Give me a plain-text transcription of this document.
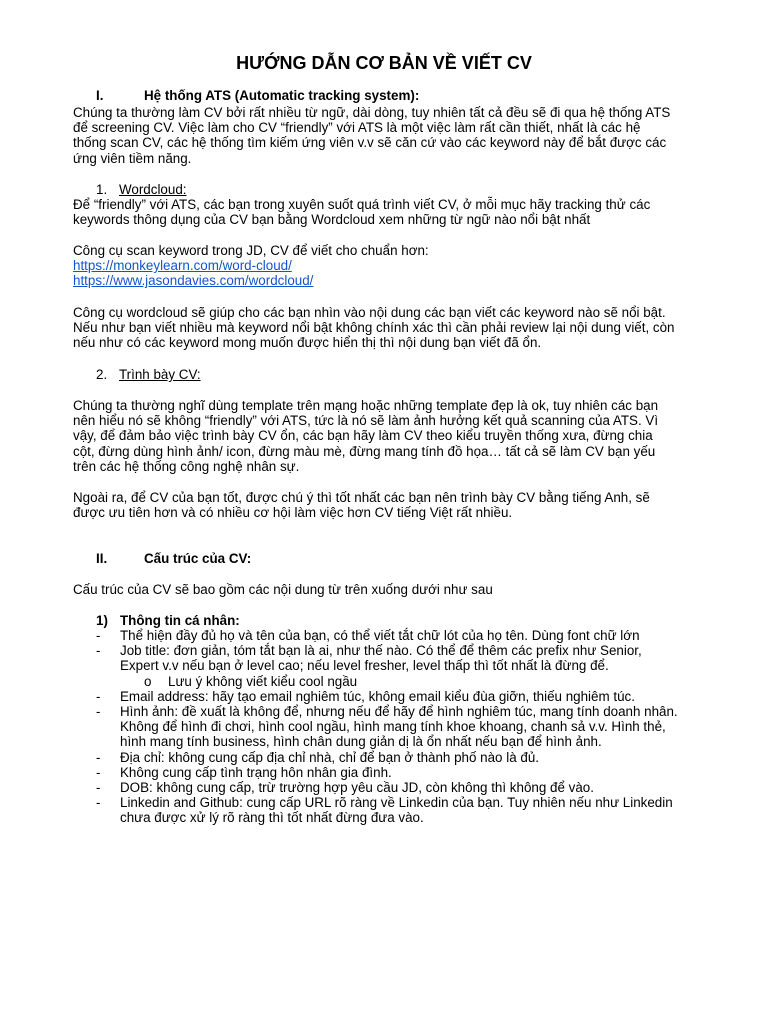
HƯỚNG DẪN CƠ BẢN VỀ VIẾT CV
I.	Hệ thống ATS (Automatic tracking system):

Chúng ta thường làm CV bởi rất nhiều từ ngữ, dài dòng, tuy nhiên tất cả đều sẽ đi qua hệ thống ATS

để screening CV. Việc làm cho CV “friendly” với ATS là một việc làm rất cần thiết, nhất là các hệ

thống scan CV, các hệ thống tìm kiếm ứng viên v.v sẽ căn cứ vào các keyword này để bắt được các

ứng viên tiềm năng.

1. Wordcloud:

Để “friendly” với ATS, các bạn trong xuyên suốt quá trình viết CV, ở mỗi mục hãy tracking thử các

keywords thông dụng của CV bạn bằng Wordcloud xem những từ ngữ nào nổi bật nhất

Công cụ scan keyword trong JD, CV để viết cho chuẩn hơn:

https://monkeylearn.com/word-cloud/

https://www.jasondavies.com/wordcloud/

Công cụ wordcloud sẽ giúp cho các bạn nhìn vào nội dung các bạn viết các keyword nào sẽ nổi bật.

Nếu như bạn viết nhiều mà keyword nổi bật không chính xác thì cần phải review lại nội dung viết, còn

nếu như có các keyword mong muốn được hiển thị thì nội dung bạn viết đã ổn.

2. Trình bày CV:

Chúng ta thường nghĩ dùng template trên mạng hoặc những template đẹp là ok, tuy nhiên các bạn

nên hiểu nó sẽ không “friendly” với ATS, tức là nó sẽ làm ảnh hưởng kết quả scanning của ATS. Vì

vậy, để đảm bảo việc trình bày CV ổn, các bạn hãy làm CV theo kiểu truyền thống xưa, đừng chia

cột, đừng dùng hình ảnh/ icon, đừng màu mè, đừng mang tính đồ họa… tất cả sẽ làm CV bạn yếu

trên các hệ thống công nghệ nhân sự.

Ngoài ra, để CV của bạn tốt, được chú ý thì tốt nhất các bạn nên trình bày CV bằng tiếng Anh, sẽ

được ưu tiên hơn và có nhiều cơ hội làm việc hơn CV tiếng Việt rất nhiều.

II.	Cấu trúc của CV:

Cấu trúc của CV sẽ bao gồm các nội dung từ trên xuống dưới như sau

1) Thông tin cá nhân:
- Thể hiện đầy đủ họ và tên của bạn, có thể viết tắt chữ lót của họ tên. Dùng font chữ lớn
- Job title: đơn giản, tóm tắt bạn là ai, như thế nào. Có thể để thêm các prefix như Senior,
Expert v.v nếu bạn ở level cao; nếu level fresher, level thấp thì tốt nhất là đừng để.
o Lưu ý không viết kiểu cool ngầu
- Email address: hãy tạo email nghiêm túc, không email kiểu đùa giỡn, thiếu nghiêm túc.
- Hình ảnh: đề xuất là không để, nhưng nếu để hãy để hình nghiêm túc, mang tính doanh nhân.
Không để hình đi chơi, hình cool ngầu, hình mang tính khoe khoang, chanh sả v.v. Hình thẻ,
hình mang tính business, hình chân dung giản dị là ổn nhất nếu bạn để hình ảnh.
- Địa chỉ: không cung cấp địa chỉ nhà, chỉ để bạn ở thành phố nào là đủ.
- Không cung cấp tình trạng hôn nhân gia đình.
- DOB: không cung cấp, trừ trường hợp yêu cầu JD, còn không thì không để vào.
- Linkedin and Github: cung cấp URL rõ ràng về Linkedin của bạn. Tuy nhiên nếu như Linkedin
chưa được xử lý rõ ràng thì tốt nhất đừng đưa vào.
